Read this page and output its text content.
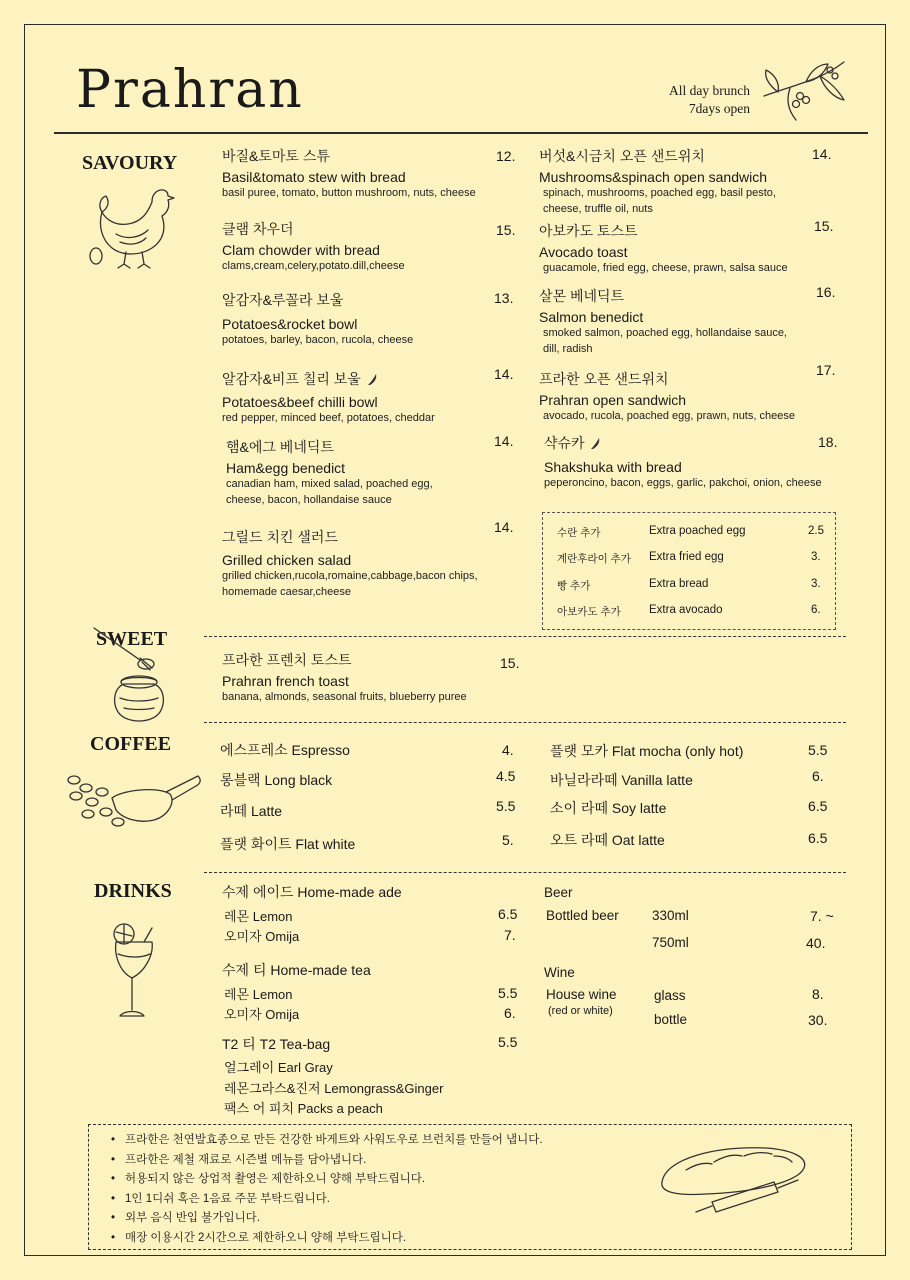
Prahran	All day brunch
7days open
SAVOURY	바질&토마토 스튜
Basil&tomato stew with bread
basil puree, tomato, button mushroom, nuts, cheese
12.
클램 차우더
Clam chowder with bread
clams,cream,celery,potato.dill,cheese
15.
알감자&루꼴라 보울
Potatoes&rocket bowl
potatoes, barley, bacon, rucola, cheese
13.
알감자&비프 칠리 보울
Potatoes&beef chilli bowl
red pepper, minced beef, potatoes, cheddar
14.
햄&에그 베네딕트
Ham&egg benedict
canadian ham, mixed salad, poached egg,
cheese, bacon, hollandaise sauce
14.
그릴드 치킨 샐러드
Grilled chicken salad
grilled chicken,rucola,romaine,cabbage,bacon chips,
homemade caesar,cheese
14.
버섯&시금치 오픈 샌드위치
Mushrooms&spinach open sandwich
spinach, mushrooms, poached egg, basil pesto,
cheese, truffle oil, nuts
14.
아보카도 토스트
Avocado toast
guacamole, fried egg, cheese, prawn, salsa sauce
15.
살몬 베네딕트
Salmon benedict
smoked salmon, poached egg, hollandaise sauce,
dill, radish
16.
프라한 오픈 샌드위치
Prahran open sandwich
avocado, rucola, poached egg, prawn, nuts, cheese
17.
샥슈카
Shakshuka with bread
peperoncino, bacon, eggs, garlic, pakchoi, onion, cheese
18.
수란 추가	Extra poached egg	2.5
계란후라이 추가 Extra fried egg	3.
빵 추가	Extra bread	3.
아보카도 추가 Extra avocado	6.
SWEET
프라한 프렌치 토스트
Prahran french toast
banana, almonds, seasonal fruits, blueberry puree
15.
COFFEE	에스프레소 Espresso	4.
롱블랙 Long black	4.5
라떼 Latte	5.5
플랫 화이트 Flat white	5.
플랫 모카 Flat mocha (only hot)	5.5
바닐라라떼 Vanilla latte	6.
소이 라떼 Soy latte	6.5
오트 라떼 Oat latte	6.5
DRINKS	수제 에이드 Home-made ade
레몬 Lemon	6.5
오미자 Omija	7.
수제 티 Home-made tea
레몬 Lemon	5.5
오미자 Omija	6.
T2 티 T2 Tea-bag	5.5
얼그레이 Earl Gray
레몬그라스&진저 Lemongrass&Ginger
팩스 어 피치 Packs a peach
Beer
Bottled beer 330ml	7. ~
750ml	40.
Wine
House wine
(red or white)
glass	8.
bottle	30.
• 프라한은 천연발효종으로 만든 건강한 바게트와 사워도우로 브런치를 만들어 냅니다.
• 프라한은 제철 재료로 시즌별 메뉴를 담아냅니다.
• 허용되지 않은 상업적 촬영은 제한하오니 양해 부탁드립니다.
• 1인 1디쉬 혹은 1음료 주문 부탁드립니다.
• 외부 음식 반입 불가입니다.
• 매장 이용시간 2시간으로 제한하오니 양해 부탁드립니다.
